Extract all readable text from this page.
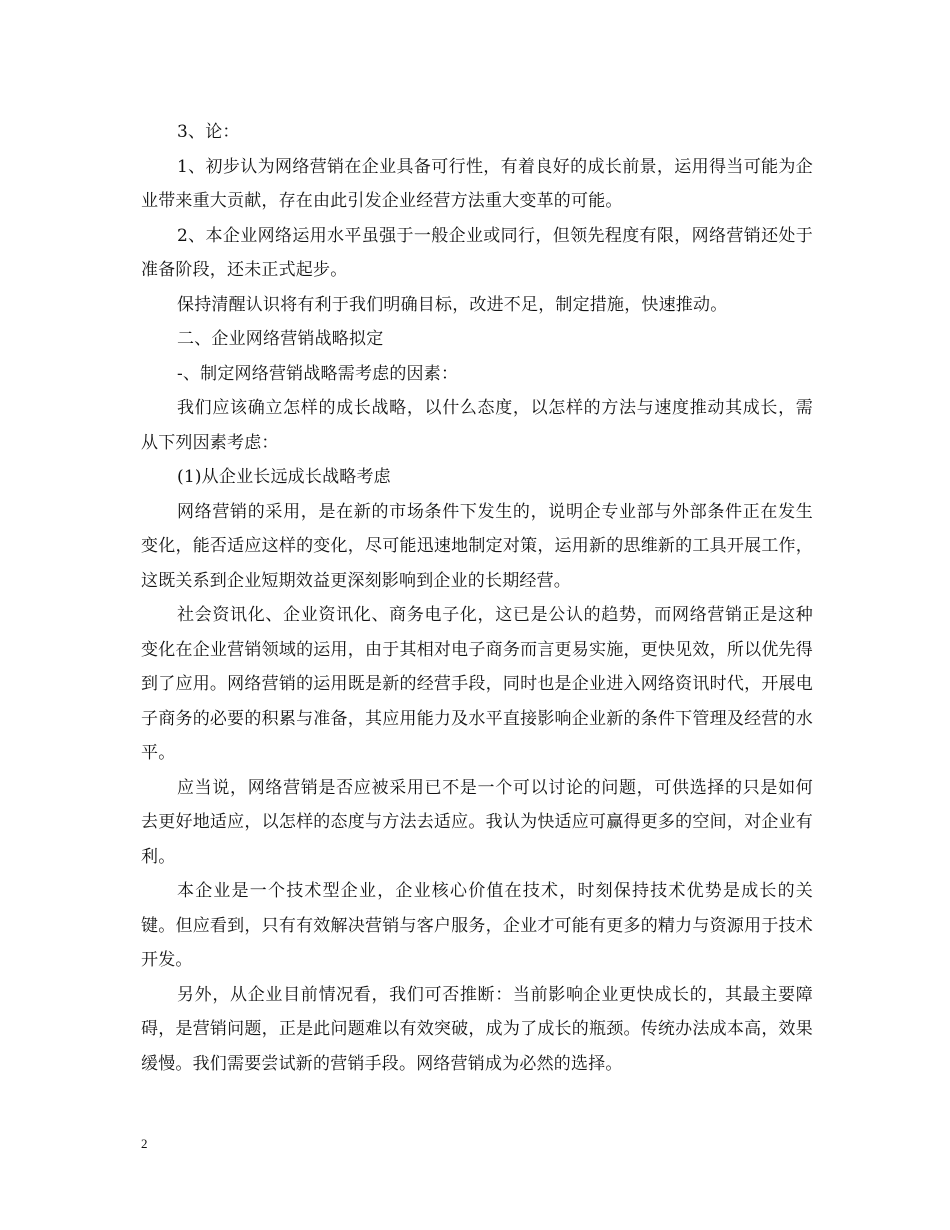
3、论：

1、初步认为网络营销在企业具备可行性，有着良好的成长前景，运用得当可能为企业带来重大贡献，存在由此引发企业经营方法重大变革的可能。

2、本企业网络运用水平虽强于一般企业或同行，但领先程度有限，网络营销还处于准备阶段，还未正式起步。

保持清醒认识将有利于我们明确目标，改进不足，制定措施，快速推动。

二、企业网络营销战略拟定

-、制定网络营销战略需考虑的因素：

我们应该确立怎样的成长战略，以什么态度，以怎样的方法与速度推动其成长，需从下列因素考虑：

(1)从企业长远成长战略考虑

网络营销的采用，是在新的市场条件下发生的，说明企专业部与外部条件正在发生变化，能否适应这样的变化，尽可能迅速地制定对策，运用新的思维新的工具开展工作，这既关系到企业短期效益更深刻影响到企业的长期经营。

社会资讯化、企业资讯化、商务电子化，这已是公认的趋势，而网络营销正是这种变化在企业营销领域的运用，由于其相对电子商务而言更易实施，更快见效，所以优先得到了应用。网络营销的运用既是新的经营手段，同时也是企业进入网络资讯时代，开展电子商务的必要的积累与准备，其应用能力及水平直接影响企业新的条件下管理及经营的水平。

应当说，网络营销是否应被采用已不是一个可以讨论的问题，可供选择的只是如何去更好地适应，以怎样的态度与方法去适应。我认为快适应可赢得更多的空间，对企业有利。

本企业是一个技术型企业，企业核心价值在技术，时刻保持技术优势是成长的关键。但应看到，只有有效解决营销与客户服务，企业才可能有更多的精力与资源用于技术开发。

另外，从企业目前情况看，我们可否推断：当前影响企业更快成长的，其最主要障碍，是营销问题，正是此问题难以有效突破，成为了成长的瓶颈。传统办法成本高，效果缓慢。我们需要尝试新的营销手段。网络营销成为必然的选择。

2
